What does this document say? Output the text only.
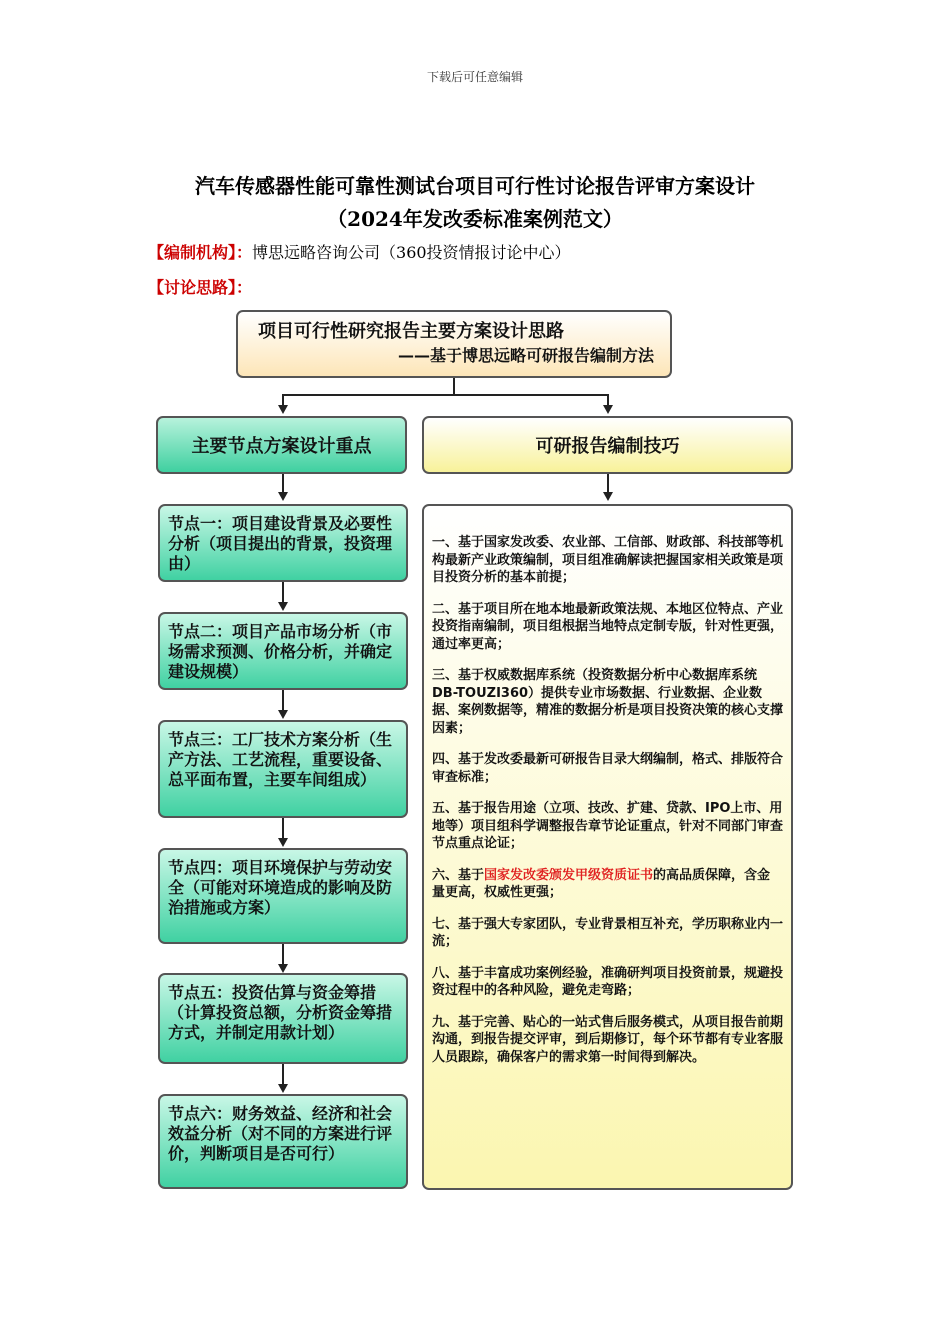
下载后可任意编辑
汽车传感器性能可靠性测试台项目可行性讨论报告评审方案设计
（2024年发改委标准案例范文）
【编制机构】：博思远略咨询公司（360投资情报讨论中心）
【讨论思路】：
项目可行性研究报告主要方案设计思路
——基于博思远略可研报告编制方法
主要节点方案设计重点	可研报告编制技巧
节点一：项目建设背景及必要性分析（项目提出的背景，投资理由）
节点二：项目产品市场分析（市场需求预测、价格分析，并确定建设规模）
节点三：工厂技术方案分析（生产方法、工艺流程，重要设备、总平面布置，主要车间组成）
节点四：项目环境保护与劳动安全（可能对环境造成的影响及防治措施或方案）
节点五：投资估算与资金筹措（计算投资总额，分析资金筹措方式，并制定用款计划）
节点六：财务效益、经济和社会效益分析（对不同的方案进行评价，判断项目是否可行）

一、基于国家发改委、农业部、工信部、财政部、科技部等机构最新产业政策编制，项目组准确解读把握国家相关政策是项目投资分析的基本前提；

二、基于项目所在地本地最新政策法规、本地区位特点、产业投资指南编制，项目组根据当地特点定制专版，针对性更强，通过率更高；

三、基于权威数据库系统（投资数据分析中心数据库系统DB-TOUZI360）提供专业市场数据、行业数据、企业数据、案例数据等，精准的数据分析是项目投资决策的核心支撑因素；

四、基于发改委最新可研报告目录大纲编制，格式、排版符合审查标准；

五、基于报告用途（立项、技改、扩建、贷款、IPO上市、用地等）项目组科学调整报告章节论证重点，针对不同部门审查节点重点论证；

六、基于国家发改委颁发甲级资质证书的高品质保障，含金量更高，权威性更强；

七、基于强大专家团队，专业背景相互补充，学历职称业内一流；

八、基于丰富成功案例经验，准确研判项目投资前景，规避投资过程中的各种风险，避免走弯路；

九、基于完善、贴心的一站式售后服务模式，从项目报告前期沟通，到报告提交评审，到后期修订，每个环节都有专业客服人员跟踪，确保客户的需求第一时间得到解决。
